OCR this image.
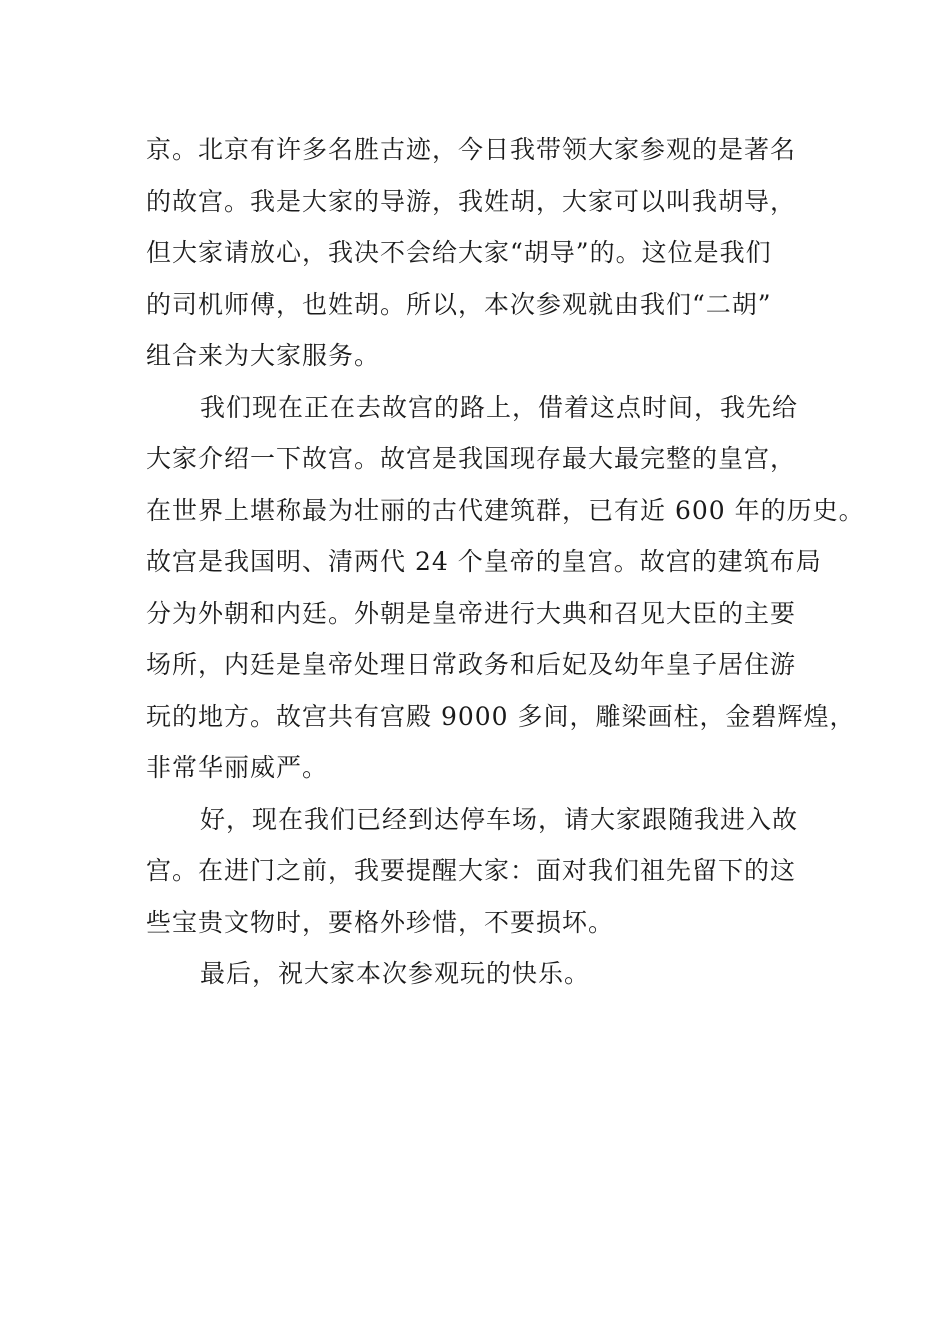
京。北京有许多名胜古迹，今日我带领大家参观的是著名
的故宫。我是大家的导游，我姓胡，大家可以叫我胡导，
但大家请放心，我决不会给大家“胡导”的。这位是我们
的司机师傅，也姓胡。所以，本次参观就由我们“二胡”
组合来为大家服务。
我们现在正在去故宫的路上，借着这点时间，我先给
大家介绍一下故宫。故宫是我国现存最大最完整的皇宫，
在世界上堪称最为壮丽的古代建筑群，已有近 600 年的历史。
故宫是我国明、清两代 24 个皇帝的皇宫。故宫的建筑布局
分为外朝和内廷。外朝是皇帝进行大典和召见大臣的主要
场所，内廷是皇帝处理日常政务和后妃及幼年皇子居住游
玩的地方。故宫共有宫殿 9000 多间，雕梁画柱，金碧辉煌，
非常华丽威严。
好，现在我们已经到达停车场，请大家跟随我进入故
宫。在进门之前，我要提醒大家：面对我们祖先留下的这
些宝贵文物时，要格外珍惜，不要损坏。
最后，祝大家本次参观玩的快乐。
